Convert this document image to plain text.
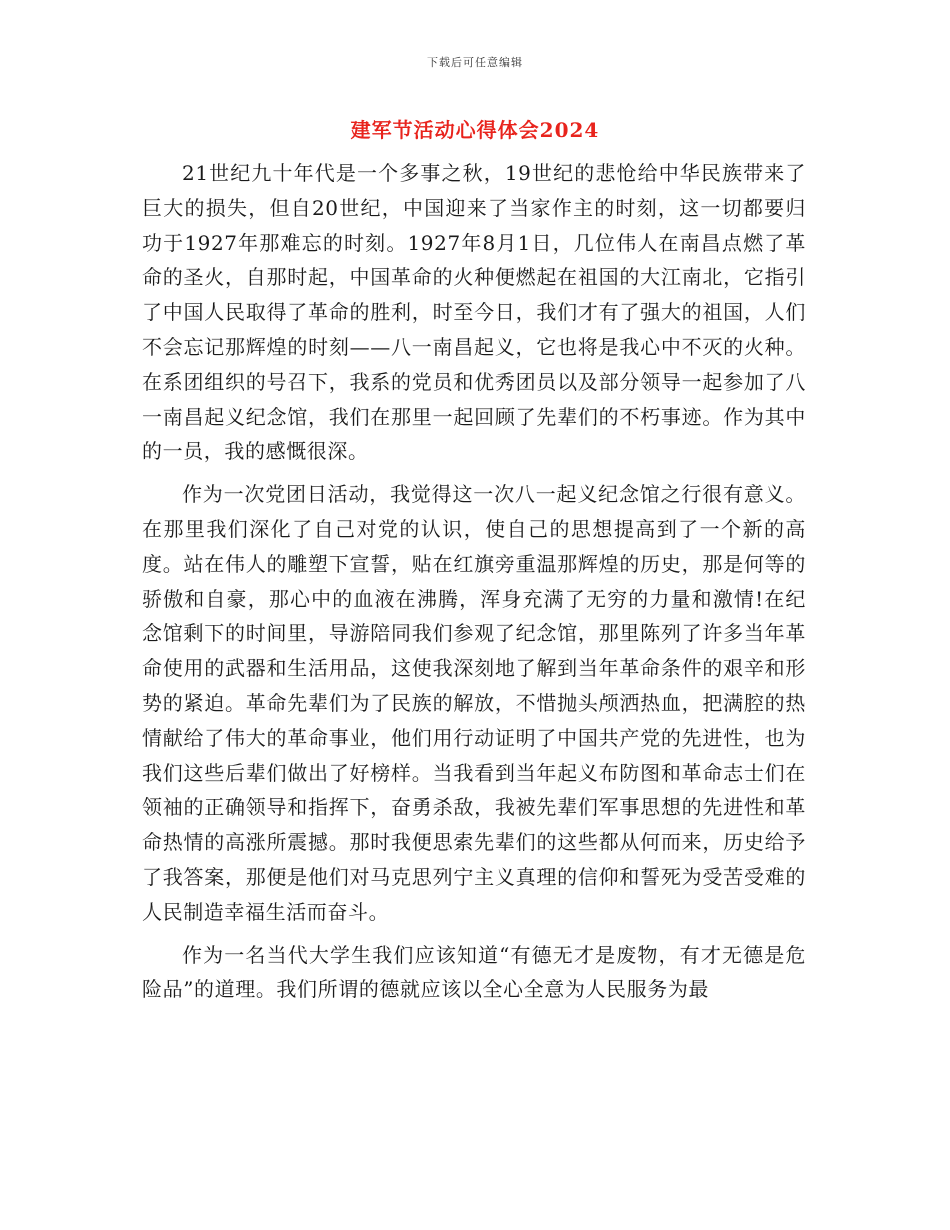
下载后可任意编辑
建军节活动心得体会2024

21世纪九十年代是一个多事之秋，19世纪的悲怆给中华民族带来了巨大的损失，但自20世纪，中国迎来了当家作主的时刻，这一切都要归功于1927年那难忘的时刻。1927年8月1日，几位伟人在南昌点燃了革命的圣火，自那时起，中国革命的火种便燃起在祖国的大江南北，它指引了中国人民取得了革命的胜利，时至今日，我们才有了强大的祖国，人们不会忘记那辉煌的时刻——八一南昌起义，它也将是我心中不灭的火种。在系团组织的号召下，我系的党员和优秀团员以及部分领导一起参加了八一南昌起义纪念馆，我们在那里一起回顾了先辈们的不朽事迹。作为其中的一员，我的感慨很深。

作为一次党团日活动，我觉得这一次八一起义纪念馆之行很有意义。在那里我们深化了自己对党的认识，使自己的思想提高到了一个新的高度。站在伟人的雕塑下宣誓，贴在红旗旁重温那辉煌的历史，那是何等的骄傲和自豪，那心中的血液在沸腾，浑身充满了无穷的力量和激情!在纪念馆剩下的时间里，导游陪同我们参观了纪念馆，那里陈列了许多当年革命使用的武器和生活用品，这使我深刻地了解到当年革命条件的艰辛和形势的紧迫。革命先辈们为了民族的解放，不惜抛头颅洒热血，把满腔的热情献给了伟大的革命事业，他们用行动证明了中国共产党的先进性，也为我们这些后辈们做出了好榜样。当我看到当年起义布防图和革命志士们在领袖的正确领导和指挥下，奋勇杀敌，我被先辈们军事思想的先进性和革命热情的高涨所震撼。那时我便思索先辈们的这些都从何而来，历史给予了我答案，那便是他们对马克思列宁主义真理的信仰和誓死为受苦受难的人民制造幸福生活而奋斗。

作为一名当代大学生我们应该知道“有德无才是废物，有才无德是危险品”的道理。我们所谓的德就应该以全心全意为人民服务为最
